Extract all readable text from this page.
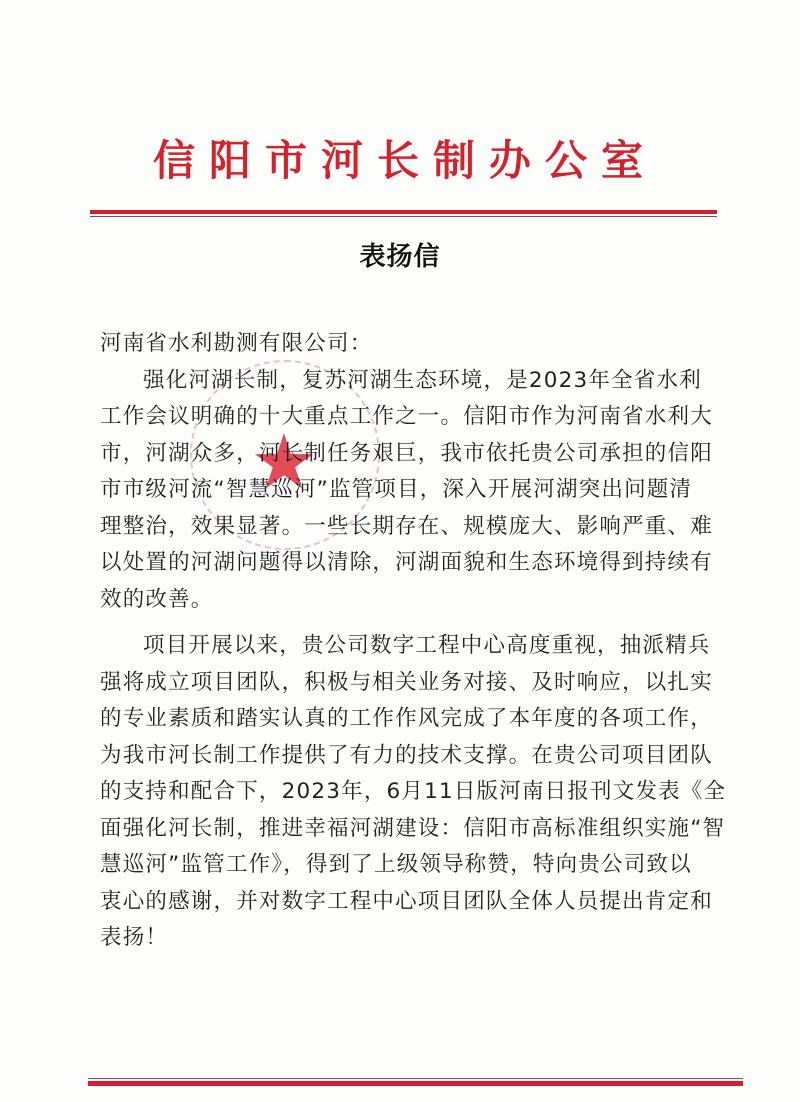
信阳市河长制办公室
表扬信
★
河南省水利勘测有限公司：
强化河湖长制，复苏河湖生态环境，是2023年全省水利
工作会议明确的十大重点工作之一。信阳市作为河南省水利大
市，河湖众多，河长制任务艰巨，我市依托贵公司承担的信阳
市市级河流“智慧巡河”监管项目，深入开展河湖突出问题清
理整治，效果显著。一些长期存在、规模庞大、影响严重、难
以处置的河湖问题得以清除，河湖面貌和生态环境得到持续有
效的改善。
项目开展以来，贵公司数字工程中心高度重视，抽派精兵
强将成立项目团队，积极与相关业务对接、及时响应，以扎实
的专业素质和踏实认真的工作作风完成了本年度的各项工作，
为我市河长制工作提供了有力的技术支撑。在贵公司项目团队
的支持和配合下，2023年，6月11日版河南日报刊文发表《全
面强化河长制，推进幸福河湖建设：信阳市高标准组织实施“智
慧巡河”监管工作》，得到了上级领导称赞，特向贵公司致以
衷心的感谢，并对数字工程中心项目团队全体人员提出肯定和
表扬！
